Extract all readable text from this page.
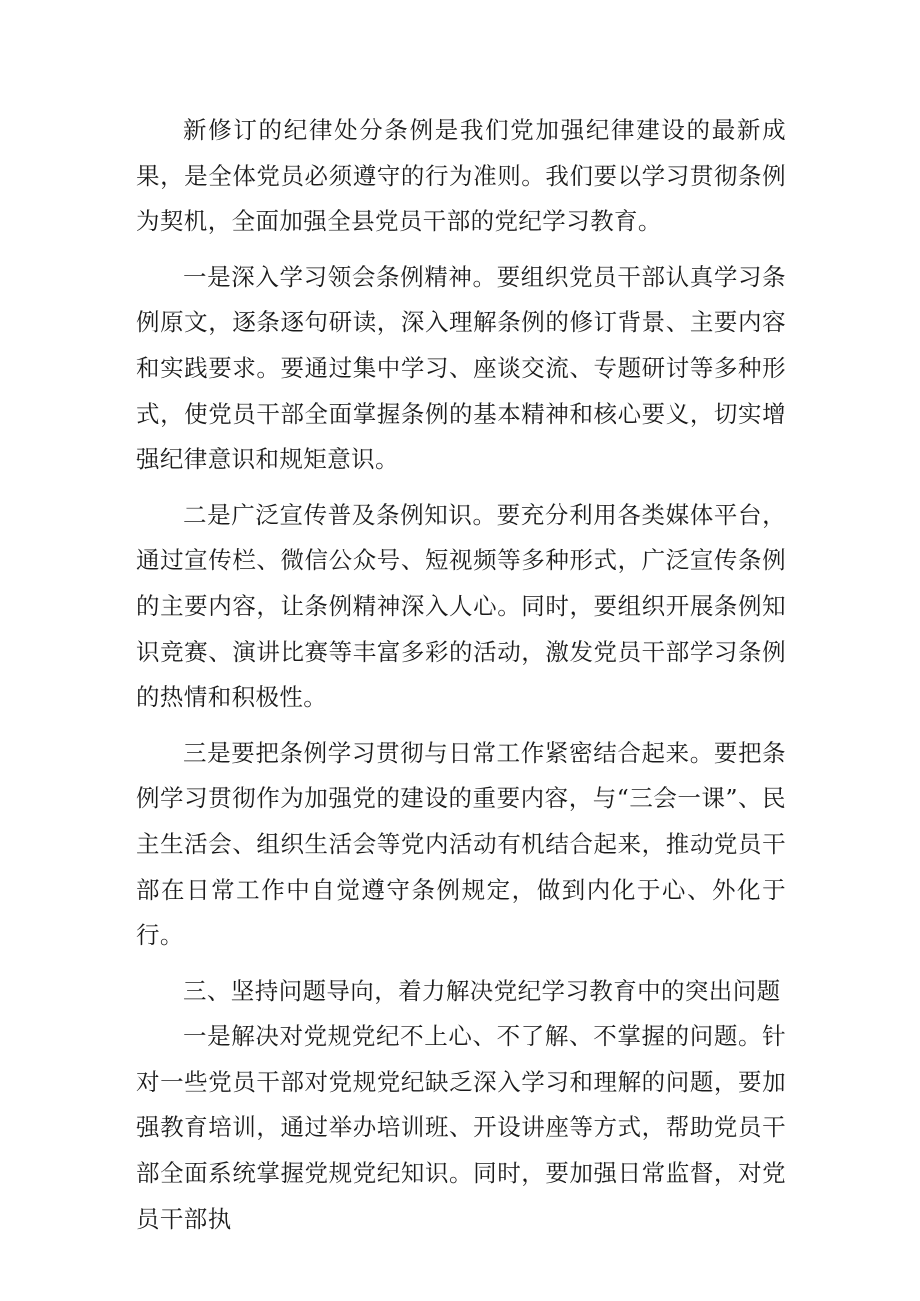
新修订的纪律处分条例是我们党加强纪律建设的最新成果，是全体党员必须遵守的行为准则。我们要以学习贯彻条例为契机，全面加强全县党员干部的党纪学习教育。

一是深入学习领会条例精神。要组织党员干部认真学习条例原文，逐条逐句研读，深入理解条例的修订背景、主要内容和实践要求。要通过集中学习、座谈交流、专题研讨等多种形式，使党员干部全面掌握条例的基本精神和核心要义，切实增强纪律意识和规矩意识。

二是广泛宣传普及条例知识。要充分利用各类媒体平台，通过宣传栏、微信公众号、短视频等多种形式，广泛宣传条例的主要内容，让条例精神深入人心。同时，要组织开展条例知识竞赛、演讲比赛等丰富多彩的活动，激发党员干部学习条例的热情和积极性。

三是要把条例学习贯彻与日常工作紧密结合起来。要把条例学习贯彻作为加强党的建设的重要内容，与“三会一课”、民主生活会、组织生活会等党内活动有机结合起来，推动党员干部在日常工作中自觉遵守条例规定，做到内化于心、外化于行。

三、坚持问题导向，着力解决党纪学习教育中的突出问题

一是解决对党规党纪不上心、不了解、不掌握的问题。针对一些党员干部对党规党纪缺乏深入学习和理解的问题，要加强教育培训，通过举办培训班、开设讲座等方式，帮助党员干部全面系统掌握党规党纪知识。同时，要加强日常监督，对党员干部执
